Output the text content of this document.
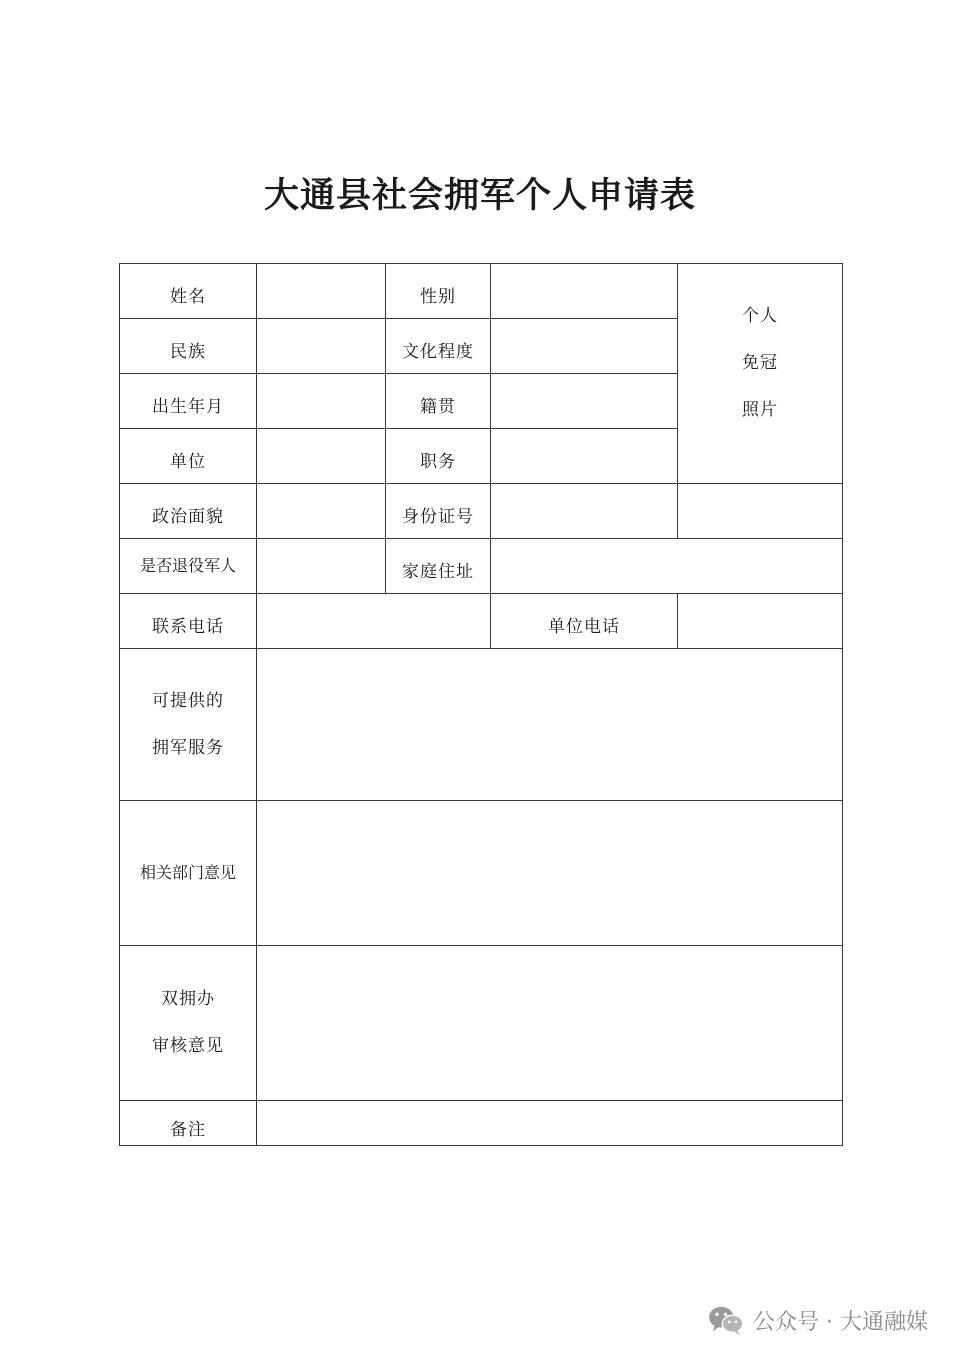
大通县社会拥军个人申请表
姓名		性别		个人
免冠
照片

民族		文化程度		

出生年月		籍贯		

单位		职务		

政治面貌		身份证号		

是否退役军人		家庭住址		

联系电话			单位电话	

可提供的
拥军服务				

相关部门意见				

双拥办
审核意见				

备注				

公众号 · 大通融媒
